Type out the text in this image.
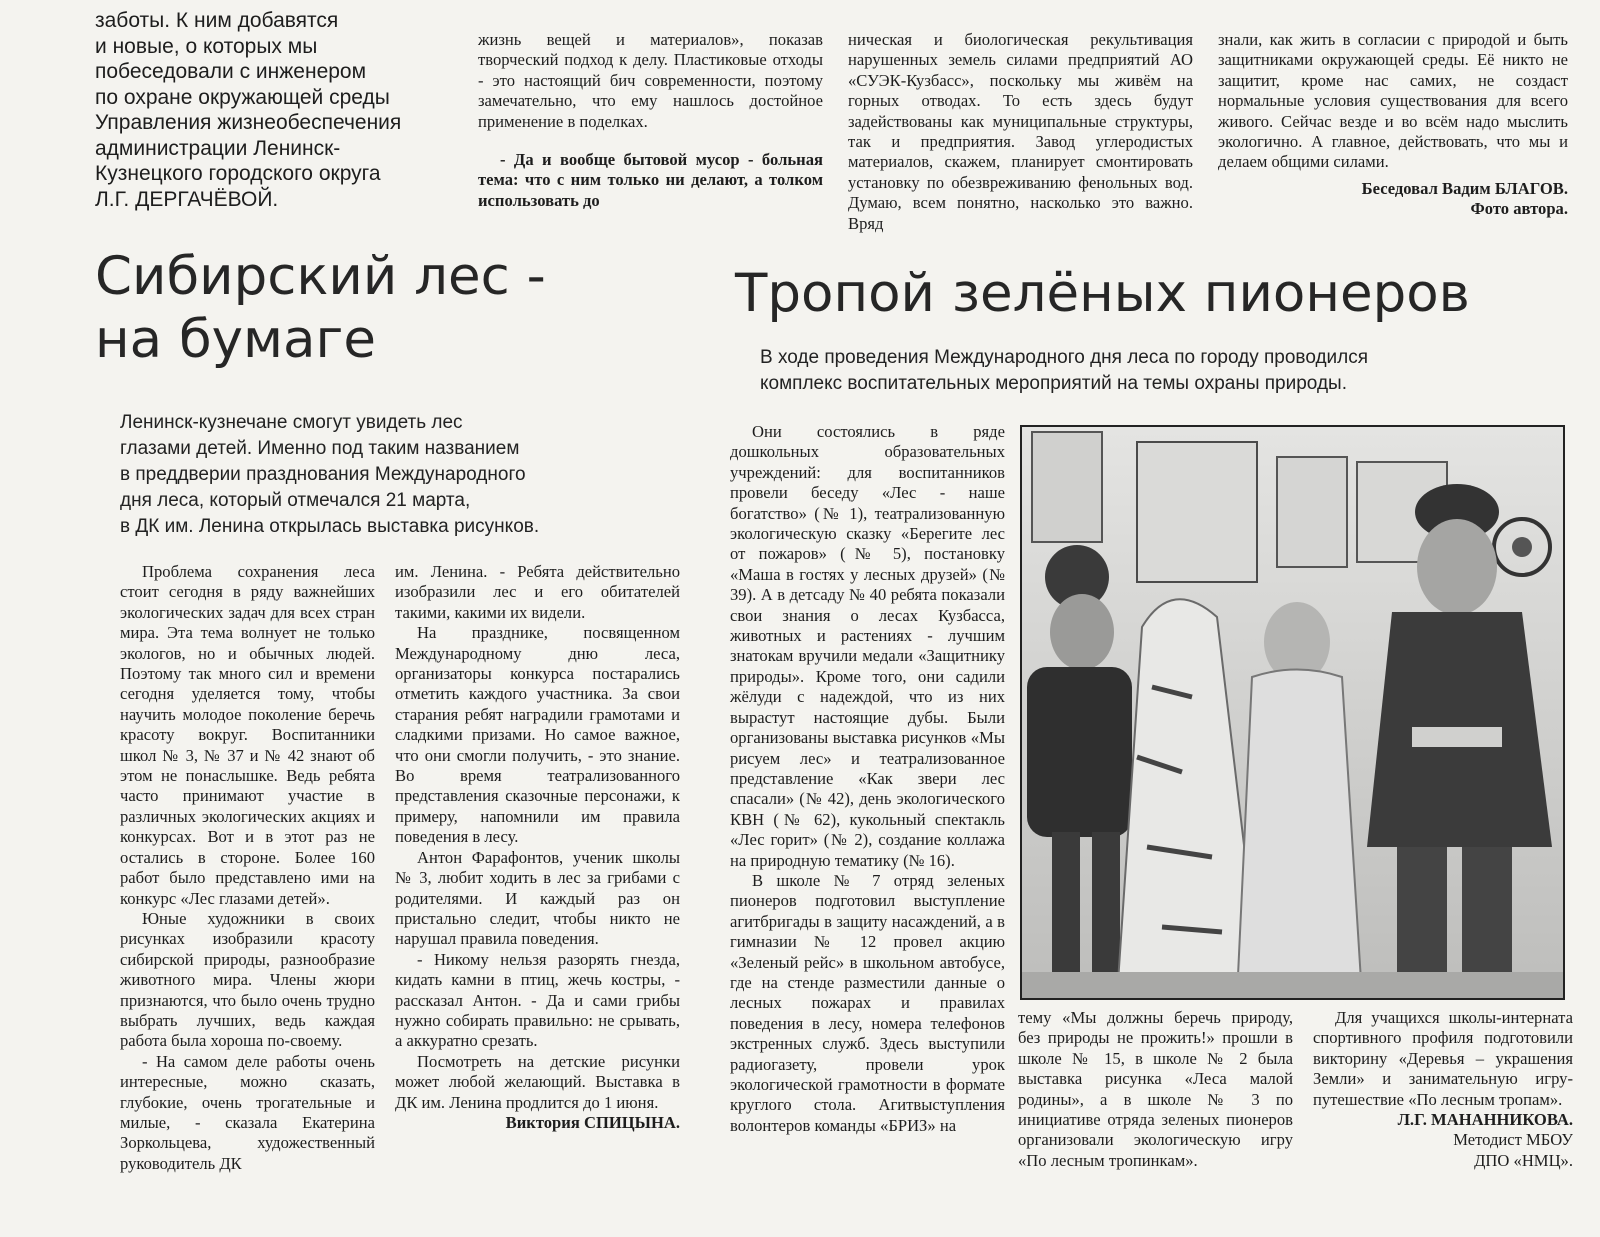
заботы. К ним добавятся

и новые, о которых мы

побеседовали с инженером

по охране окружающей среды

Управления жизнеобеспечения

администрации Ленинск-

Кузнецкого городского округа

Л.Г. ДЕРГАЧЁВОЙ.

жизнь вещей и материалов», показав творческий подход к делу. Пластиковые отходы - это настоящий бич современности, поэтому замечательно, что ему нашлось достойное применение в поделках.

- Да и вообще бытовой мусор - больная тема: что с ним только ни делают, а толком использовать до

ническая и биологическая рекультивация нарушенных земель силами предприятий АО «СУЭК-Кузбасс», поскольку мы живём на горных отводах. То есть здесь будут задействованы как муниципальные структуры, так и предприятия. Завод углеродистых материалов, скажем, планирует смонтировать установку по обезвреживанию фенольных вод. Думаю, всем понятно, насколько это важно. Вряд

знали, как жить в согласии с природой и быть защитниками окружающей среды. Её никто не защитит, кроме нас самих, не создаст нормальные условия существования для всего живого. Сейчас везде и во всём надо мыслить экологично. А главное, действовать, что мы и делаем общими силами.

Беседовал Вадим БЛАГОВ.
Фото автора.
Сибирский лес -
на бумаге
Ленинск-кузнечане смогут увидеть лес
глазами детей. Именно под таким названием
в преддверии празднования Международного
дня леса, который отмечался 21 марта,
в ДК им. Ленина открылась выставка рисунков.

Проблема сохранения леса стоит сегодня в ряду важнейших экологических задач для всех стран мира. Эта тема волнует не только экологов, но и обычных людей. Поэтому так много сил и времени сегодня уделяется тому, чтобы научить молодое поколение беречь красоту вокруг. Воспитанники школ № 3, № 37 и № 42 знают об этом не понаслышке. Ведь ребята часто принимают участие в различных экологических акциях и конкурсах. Вот и в этот раз не остались в стороне. Более 160 работ было представлено ими на конкурс «Лес глазами детей».

Юные художники в своих рисунках изобразили красоту сибирской природы, разнообразие животного мира. Члены жюри признаются, что было очень трудно выбрать лучших, ведь каждая работа была хороша по-своему.

- На самом деле работы очень интересные, можно сказать, глубокие, очень трогательные и милые, - сказала Екатерина Зоркольцева, художественный руководитель ДК

им. Ленина. - Ребята действительно изобразили лес и его обитателей такими, какими их видели.

На празднике, посвященном Международному дню леса, организаторы конкурса постарались отметить каждого участника. За свои старания ребят наградили грамотами и сладкими призами. Но самое важное, что они смогли получить, - это знание. Во время театрализованного представления сказочные персонажи, к примеру, напомнили им правила поведения в лесу.

Антон Фарафонтов, ученик школы № 3, любит ходить в лес за грибами с родителями. И каждый раз он пристально следит, чтобы никто не нарушал правила поведения.

- Никому нельзя разорять гнезда, кидать камни в птиц, жечь костры, - рассказал Антон. - Да и сами грибы нужно собирать правильно: не срывать, а аккуратно срезать.

Посмотреть на детские рисунки может любой желающий. Выставка в ДК им. Ленина продлится до 1 июня.

Виктория СПИЦЫНА.
Тропой зелёных пионеров
В ходе проведения Международного дня леса по городу проводился
комплекс воспитательных мероприятий на темы охраны природы.

Они состоялись в ряде дошкольных образовательных учреждений: для воспитанников провели беседу «Лес - наше богатство» (№ 1), театрализованную экологическую сказку «Берегите лес от пожаров» (№ 5), постановку «Маша в гостях у лесных друзей» (№ 39). А в детсаду № 40 ребята показали свои знания о лесах Кузбасса, животных и растениях - лучшим знатокам вручили медали «Защитнику природы». Кроме того, они садили жёлуди с надеждой, что из них вырастут настоящие дубы. Были организованы выставка рисунков «Мы рисуем лес» и театрализованное представление «Как звери лес спасали» (№ 42), день экологического КВН (№ 62), кукольный спектакль «Лес горит» (№ 2), создание коллажа на природную тематику (№ 16).

В школе № 7 отряд зеленых пионеров подготовил выступление агитбригады в защиту насаждений, а в гимназии № 12 провел акцию «Зеленый рейс» в школьном автобусе, где на стенде разместили данные о лесных пожарах и правилах поведения в лесу, номера телефонов экстренных служб. Здесь выступили радиогазету, провели урок экологической грамотности в формате круглого стола. Агитвыступления волонтеров команды «БРИЗ» на

тему «Мы должны беречь природу, без природы не прожить!» прошли в школе № 15, в школе № 2 была выставка рисунка «Леса малой родины», а в школе № 3 по инициативе отряда зеленых пионеров организовали экологическую игру «По лесным тропинкам».

Для учащихся школы-интерната спортивного профиля подготовили викторину «Деревья – украшения Земли» и занимательную игру-путешествие «По лесным тропам».

Л.Г. МАНАННИКОВА.
Методист МБОУ
ДПО «НМЦ».
